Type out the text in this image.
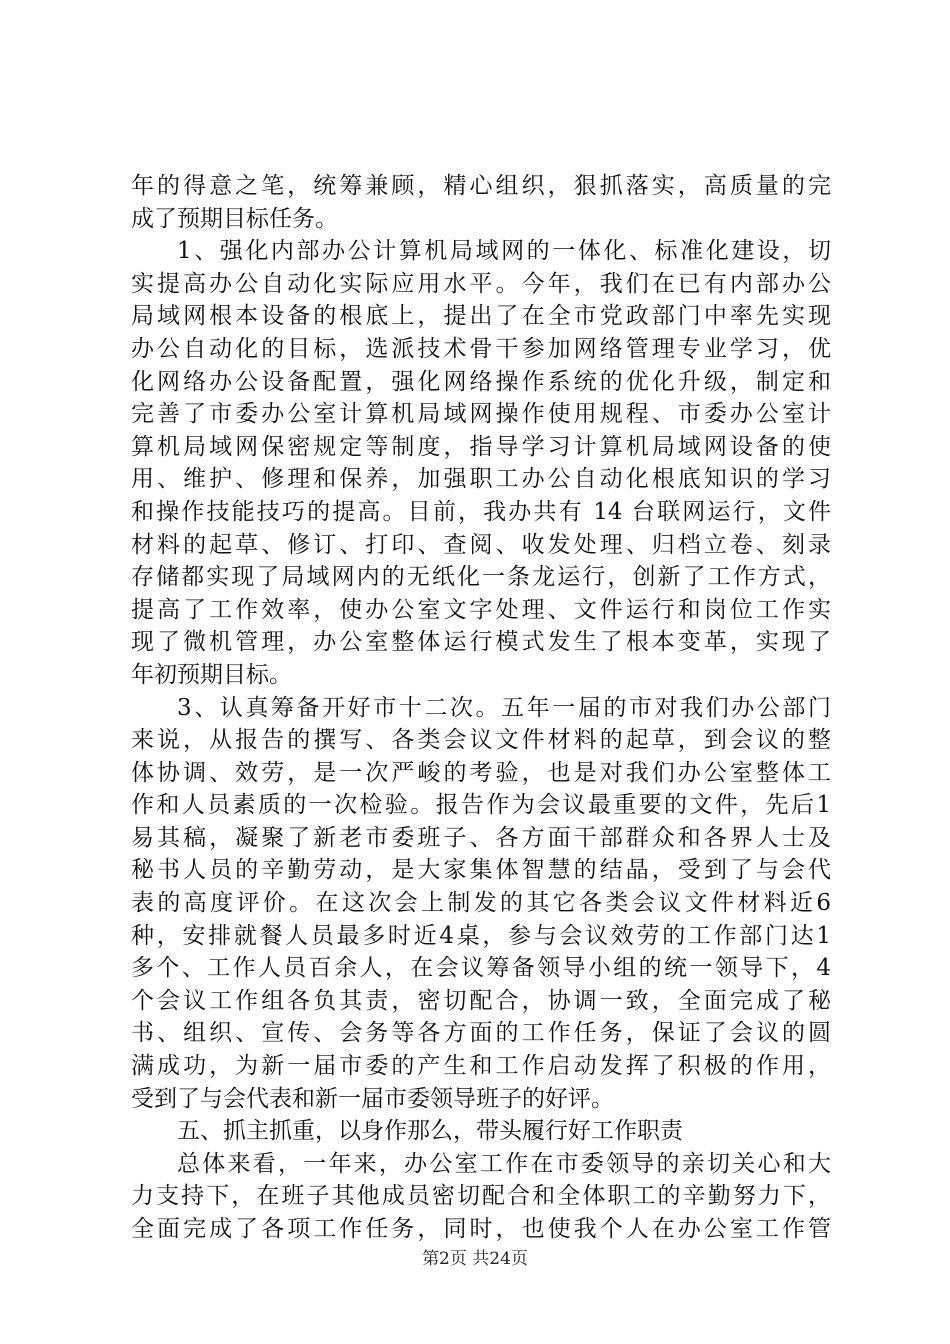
年的得意之笔，统筹兼顾，精心组织，狠抓落实，高质量的完
成了预期目标任务。
1、强化内部办公计算机局域网的一体化、标准化建设，切
实提高办公自动化实际应用水平。今年，我们在已有内部办公
局域网根本设备的根底上，提出了在全市党政部门中率先实现
办公自动化的目标，选派技术骨干参加网络管理专业学习，优
化网络办公设备配置，强化网络操作系统的优化升级，制定和
完善了市委办公室计算机局域网操作使用规程、市委办公室计
算机局域网保密规定等制度，指导学习计算机局域网设备的使
用、维护、修理和保养，加强职工办公自动化根底知识的学习
和操作技能技巧的提高。目前，我办共有 14 台联网运行，文件
材料的起草、修订、打印、查阅、收发处理、归档立卷、刻录
存储都实现了局域网内的无纸化一条龙运行，创新了工作方式，
提高了工作效率，使办公室文字处理、文件运行和岗位工作实
现了微机管理，办公室整体运行模式发生了根本变革，实现了
年初预期目标。
3、认真筹备开好市十二次。五年一届的市对我们办公部门
来说，从报告的撰写、各类会议文件材料的起草，到会议的整
体协调、效劳，是一次严峻的考验，也是对我们办公室整体工
作和人员素质的一次检验。报告作为会议最重要的文件，先后1
易其稿，凝聚了新老市委班子、各方面干部群众和各界人士及
秘书人员的辛勤劳动，是大家集体智慧的结晶，受到了与会代
表的高度评价。在这次会上制发的其它各类会议文件材料近6
种，安排就餐人员最多时近4桌，参与会议效劳的工作部门达1
多个、工作人员百余人，在会议筹备领导小组的统一领导下，4
个会议工作组各负其责，密切配合，协调一致，全面完成了秘
书、组织、宣传、会务等各方面的工作任务，保证了会议的圆
满成功，为新一届市委的产生和工作启动发挥了积极的作用，
受到了与会代表和新一届市委领导班子的好评。
五、抓主抓重，以身作那么，带头履行好工作职责
总体来看，一年来，办公室工作在市委领导的亲切关心和大
力支持下，在班子其他成员密切配合和全体职工的辛勤努力下，
全面完成了各项工作任务，同时，也使我个人在办公室工作管
第2页 共24页
